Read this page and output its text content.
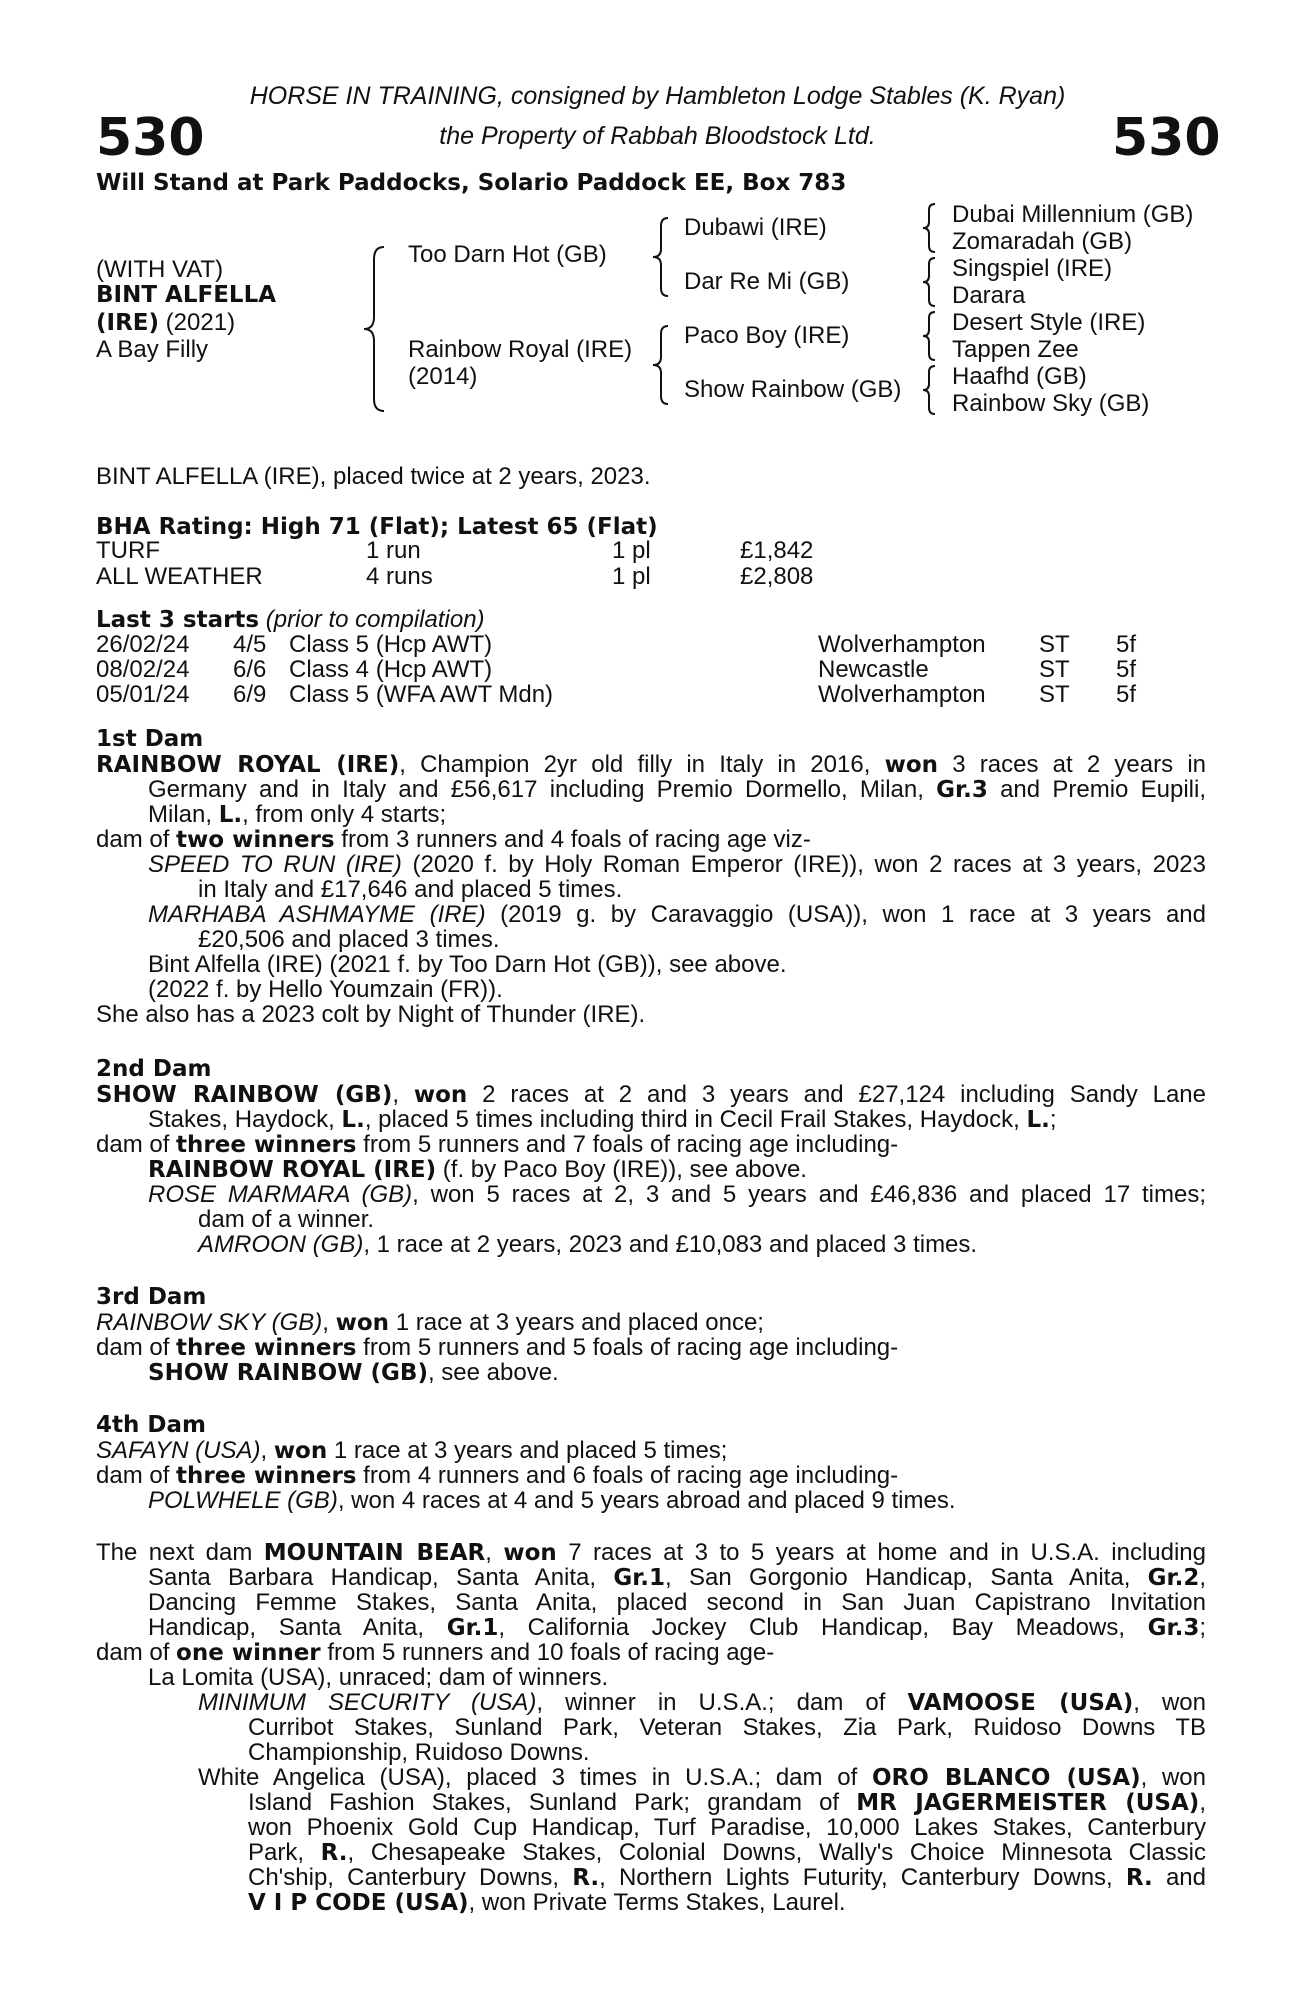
530	530
HORSE IN TRAINING, consigned by Hambleton Lodge Stables (K. Ryan)
the Property of Rabbah Bloodstock Ltd.
Will Stand at Park Paddocks, Solario Paddock EE, Box 783
(WITH VAT)
BINT ALFELLA
(IRE) (2021)
A Bay Filly
Too Darn Hot (GB)
Rainbow Royal (IRE)
(2014)
Dubawi (IRE)
Dar Re Mi (GB)
Paco Boy (IRE)
Show Rainbow (GB)
Dubai Millennium (GB)
Zomaradah (GB)
Singspiel (IRE)
Darara
Desert Style (IRE)
Tappen Zee
Haafhd (GB)
Rainbow Sky (GB)
BINT ALFELLA (IRE), placed twice at 2 years, 2023.
BHA Rating: High 71 (Flat); Latest 65 (Flat)
TURF	1 run	1 pl	£1,842
ALL WEATHER	4 runs	1 pl	£2,808
Last 3 starts (prior to compilation)
26/02/24 4/5 Class 5 (Hcp AWT)	Wolverhampton ST 5f
08/02/24 6/6 Class 4 (Hcp AWT)	Newcastle	ST 5f
05/01/24 6/9 Class 5 (WFA AWT Mdn)	Wolverhampton ST 5f
1st Dam
RAINBOW ROYAL (IRE), Champion 2yr old filly in Italy in 2016, won 3 races at 2 years in
Germany and in Italy and £56,617 including Premio Dormello, Milan, Gr.3 and Premio Eupili,
Milan, L., from only 4 starts;
dam of two winners from 3 runners and 4 foals of racing age viz-
SPEED TO RUN (IRE) (2020 f. by Holy Roman Emperor (IRE)), won 2 races at 3 years, 2023
in Italy and £17,646 and placed 5 times.
MARHABA ASHMAYME (IRE) (2019 g. by Caravaggio (USA)), won 1 race at 3 years and
£20,506 and placed 3 times.
Bint Alfella (IRE) (2021 f. by Too Darn Hot (GB)), see above.
(2022 f. by Hello Youmzain (FR)).
She also has a 2023 colt by Night of Thunder (IRE).
2nd Dam
SHOW RAINBOW (GB), won 2 races at 2 and 3 years and £27,124 including Sandy Lane
Stakes, Haydock, L., placed 5 times including third in Cecil Frail Stakes, Haydock, L.;
dam of three winners from 5 runners and 7 foals of racing age including-
RAINBOW ROYAL (IRE) (f. by Paco Boy (IRE)), see above.
ROSE MARMARA (GB), won 5 races at 2, 3 and 5 years and £46,836 and placed 17 times;
dam of a winner.
AMROON (GB), 1 race at 2 years, 2023 and £10,083 and placed 3 times.
3rd Dam
RAINBOW SKY (GB), won 1 race at 3 years and placed once;
dam of three winners from 5 runners and 5 foals of racing age including-
SHOW RAINBOW (GB), see above.
4th Dam
SAFAYN (USA), won 1 race at 3 years and placed 5 times;
dam of three winners from 4 runners and 6 foals of racing age including-
POLWHELE (GB), won 4 races at 4 and 5 years abroad and placed 9 times.
The next dam MOUNTAIN BEAR, won 7 races at 3 to 5 years at home and in U.S.A. including
Santa Barbara Handicap, Santa Anita, Gr.1, San Gorgonio Handicap, Santa Anita, Gr.2,
Dancing Femme Stakes, Santa Anita, placed second in San Juan Capistrano Invitation
Handicap, Santa Anita, Gr.1, California Jockey Club Handicap, Bay Meadows, Gr.3;
dam of one winner from 5 runners and 10 foals of racing age-
La Lomita (USA), unraced; dam of winners.
MINIMUM SECURITY (USA), winner in U.S.A.; dam of VAMOOSE (USA), won
Curribot Stakes, Sunland Park, Veteran Stakes, Zia Park, Ruidoso Downs TB
Championship, Ruidoso Downs.
White Angelica (USA), placed 3 times in U.S.A.; dam of ORO BLANCO (USA), won
Island Fashion Stakes, Sunland Park; grandam of MR JAGERMEISTER (USA),
won Phoenix Gold Cup Handicap, Turf Paradise, 10,000 Lakes Stakes, Canterbury
Park, R., Chesapeake Stakes, Colonial Downs, Wally's Choice Minnesota Classic
Ch'ship, Canterbury Downs, R., Northern Lights Futurity, Canterbury Downs, R. and
V I P CODE (USA), won Private Terms Stakes, Laurel.
